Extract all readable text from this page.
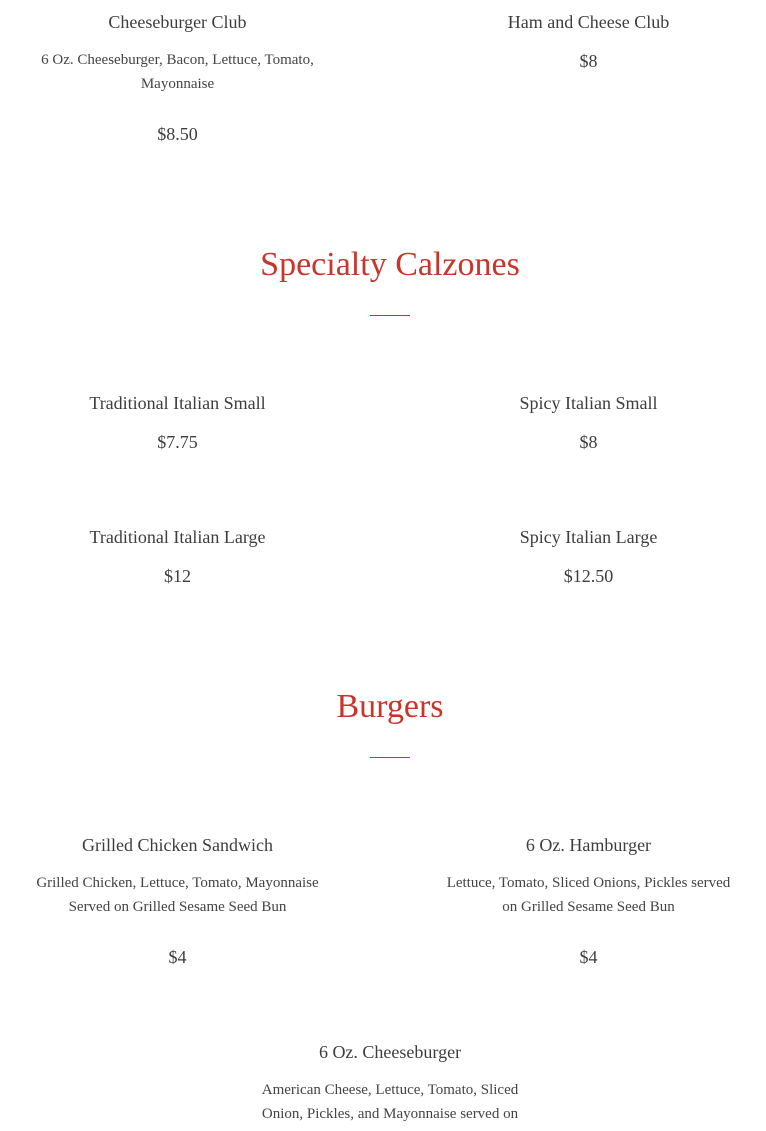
Cheeseburger Club

6 Oz. Cheeseburger, Bacon, Lettuce, Tomato, Mayonnaise

$8.50

Ham and Cheese Club

$8

Specialty Calzones

Traditional Italian Small

$7.75

Spicy Italian Small

$8

Traditional Italian Large

$12

Spicy Italian Large

$12.50

Burgers

Grilled Chicken Sandwich

Grilled Chicken, Lettuce, Tomato, Mayonnaise Served on Grilled Sesame Seed Bun

$4

6 Oz. Hamburger

Lettuce, Tomato, Sliced Onions, Pickles served on Grilled Sesame Seed Bun

$4

6 Oz. Cheeseburger

American Cheese, Lettuce, Tomato, Sliced Onion, Pickles, and Mayonnaise served on
